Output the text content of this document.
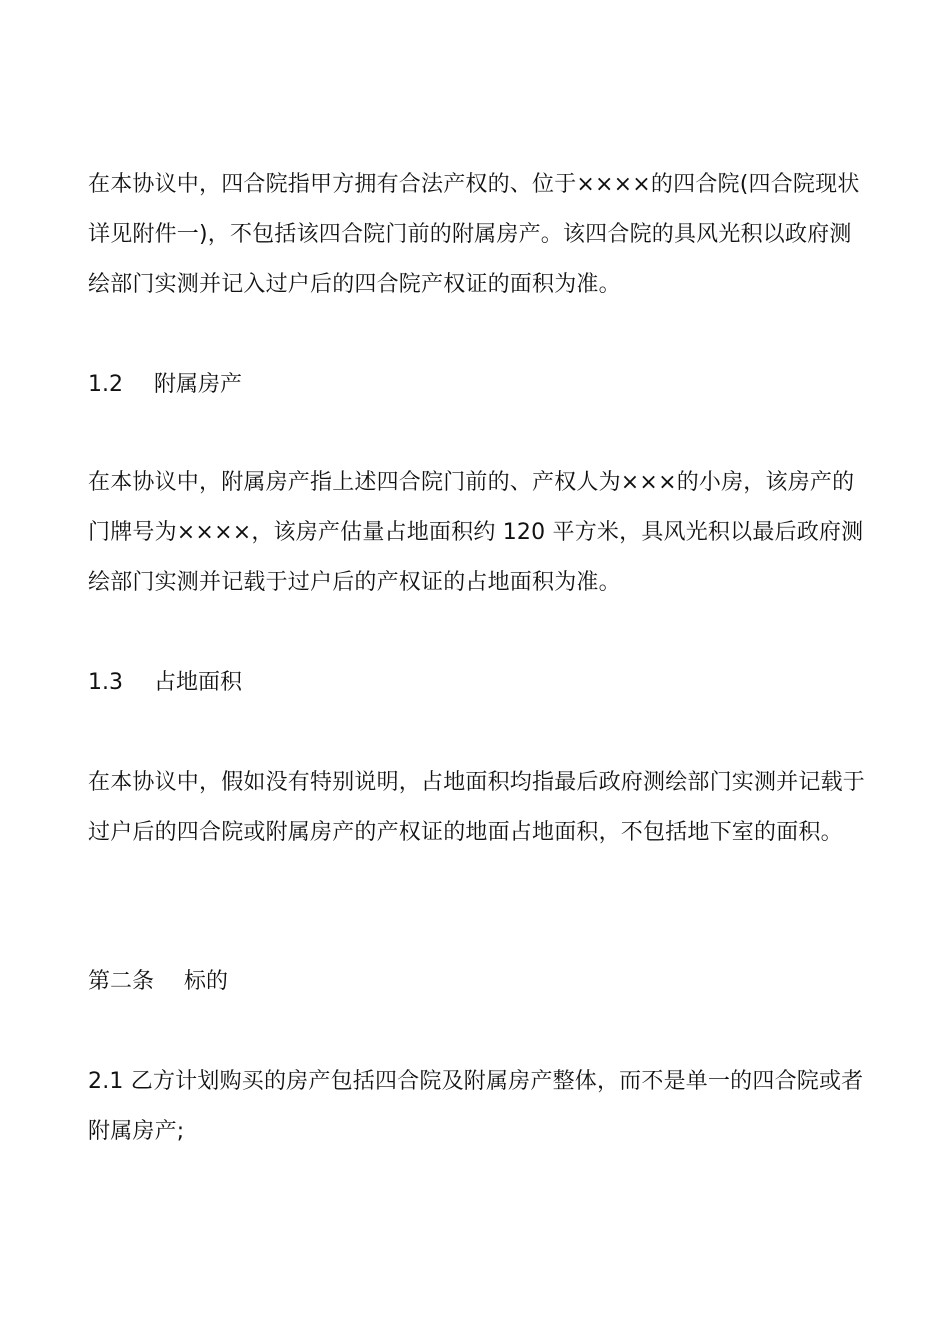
在本协议中，四合院指甲方拥有合法产权的、位于××××的四合院(四合院现状详见附件一)，不包括该四合院门前的附属房产。该四合院的具风光积以政府测绘部门实测并记入过户后的四合院产权证的面积为准。
1.2 附属房产
在本协议中，附属房产指上述四合院门前的、产权人为×××的小房，该房产的门牌号为××××，该房产估量占地面积约 120 平方米，具风光积以最后政府测绘部门实测并记载于过户后的产权证的占地面积为准。
1.3 占地面积
在本协议中，假如没有特别说明，占地面积均指最后政府测绘部门实测并记载于过户后的四合院或附属房产的产权证的地面占地面积，不包括地下室的面积。
第二条 标的
2.1 乙方计划购买的房产包括四合院及附属房产整体，而不是单一的四合院或者附属房产;
